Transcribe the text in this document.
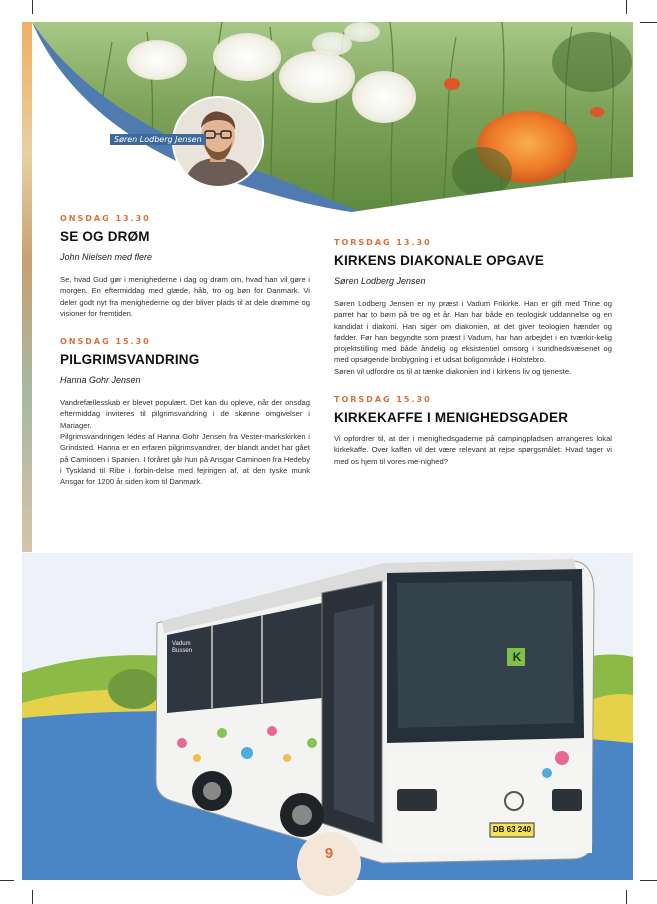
Søren Lodberg Jensen

ONSDAG 13.30

SE OG DRØM

John Nielsen med flere

Se, hvad Gud gør i menighederne i dag og drøm om, hvad han vil gøre i morgen. En eftermiddag med glæde, håb, tro og bøn for Danmark. Vi deler godt nyt fra menighederne og der bliver plads til at dele drømme og visioner for fremtiden.

ONSDAG 15.30

PILGRIMSVANDRING

Hanna Gohr Jensen

Vandrefællesskab er blevet populært. Det kan du opleve, når der onsdag eftermiddag inviteres til pilgrimsvandring i de skønne omgivelser i Mariager.
Pilgrimsvandringen ledes af Hanna Gohr Jensen fra Vester-markskirken i Grindsted. Hanna er en erfaren pilgrimsvandrer, der blandt andet har gået på Caminoen i Spanien. I foråret går hun på Ansgar Caminoen fra Hedeby i Tyskland til Ribe i forbin-delse med fejringen af, at den tyske munk Ansgar for 1200 år siden kom til Danmark.

TORSDAG 13.30

KIRKENS DIAKONALE OPGAVE

Søren Lodberg Jensen

Søren Lodberg Jensen er ny præst i Vadum Frikirke. Han er gift med Trine og parret har to børn på tre og et år. Han har både en teologisk uddannelse og en kandidat i diakoni. Han siger om diakonien, at det giver teologien hænder og fødder. Før han begyndte som præst i Vadum, har han arbejdet i en tværkir-kelig projektstilling med både åndelig og eksistentiel omsorg i sundhedsvæsenet og med opsøgende brobygning i et udsat boligområde i Holstebro.
Søren vil udfordre os til at tænke diakonien ind i kirkens liv og tjeneste.

TORSDAG 15.30

KIRKEKAFFE I MENIGHEDSGADER

Vi opfordrer til, at der i menighedsgaderne på campingpladsen arrangeres lokal kirkekaffe. Over kaffen vil det være relevant at rejse spørgsmålet: Hvad tager vi med os hjem til vores me-nighed?

K
DB 63 240
Vadum Bussen
9
